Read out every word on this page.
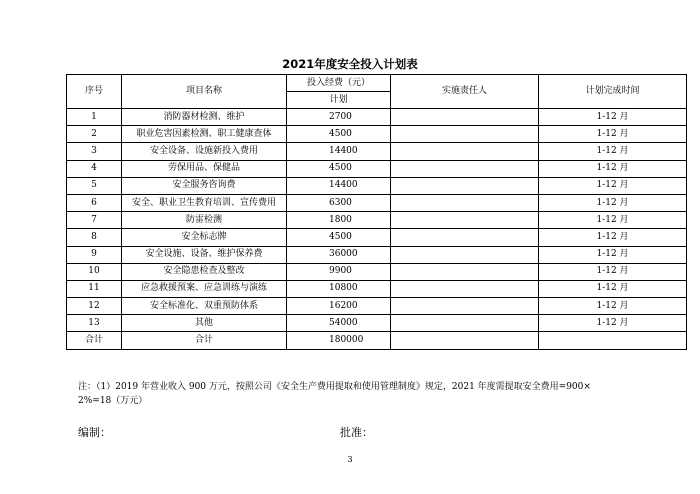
2021年度安全投入计划表
序号	项目名称	投入经费（元）	实施责任人	计划完成时间
		计划		
1	消防器材检测、维护	2700		1-12 月
2	职业危害因素检测、职工健康查体	4500		1-12 月
3	安全设备、设施新投入费用	14400		1-12 月
4	劳保用品、保健品	4500		1-12 月
5	安全服务咨询费	14400		1-12 月
6	安全、职业卫生教育培训、宣传费用	6300		1-12 月
7	防雷检测	1800		1-12 月
8	安全标志牌	4500		1-12 月
9	安全设施、设备、维护保养费	36000		1-12 月
10	安全隐患检查及整改	9900		1-12 月
11	应急救援预案、应急训练与演练	10800		1-12 月
12	安全标准化、双重预防体系	16200		1-12 月
13	其他	54000		1-12 月
合计	合计	180000		
注：（1）2019 年营业收入 900 万元，按照公司《安全生产费用提取和使用管理制度》规定，2021 年度需提取安全费用=900×
2%=18（万元）
编制：	批准：
3
